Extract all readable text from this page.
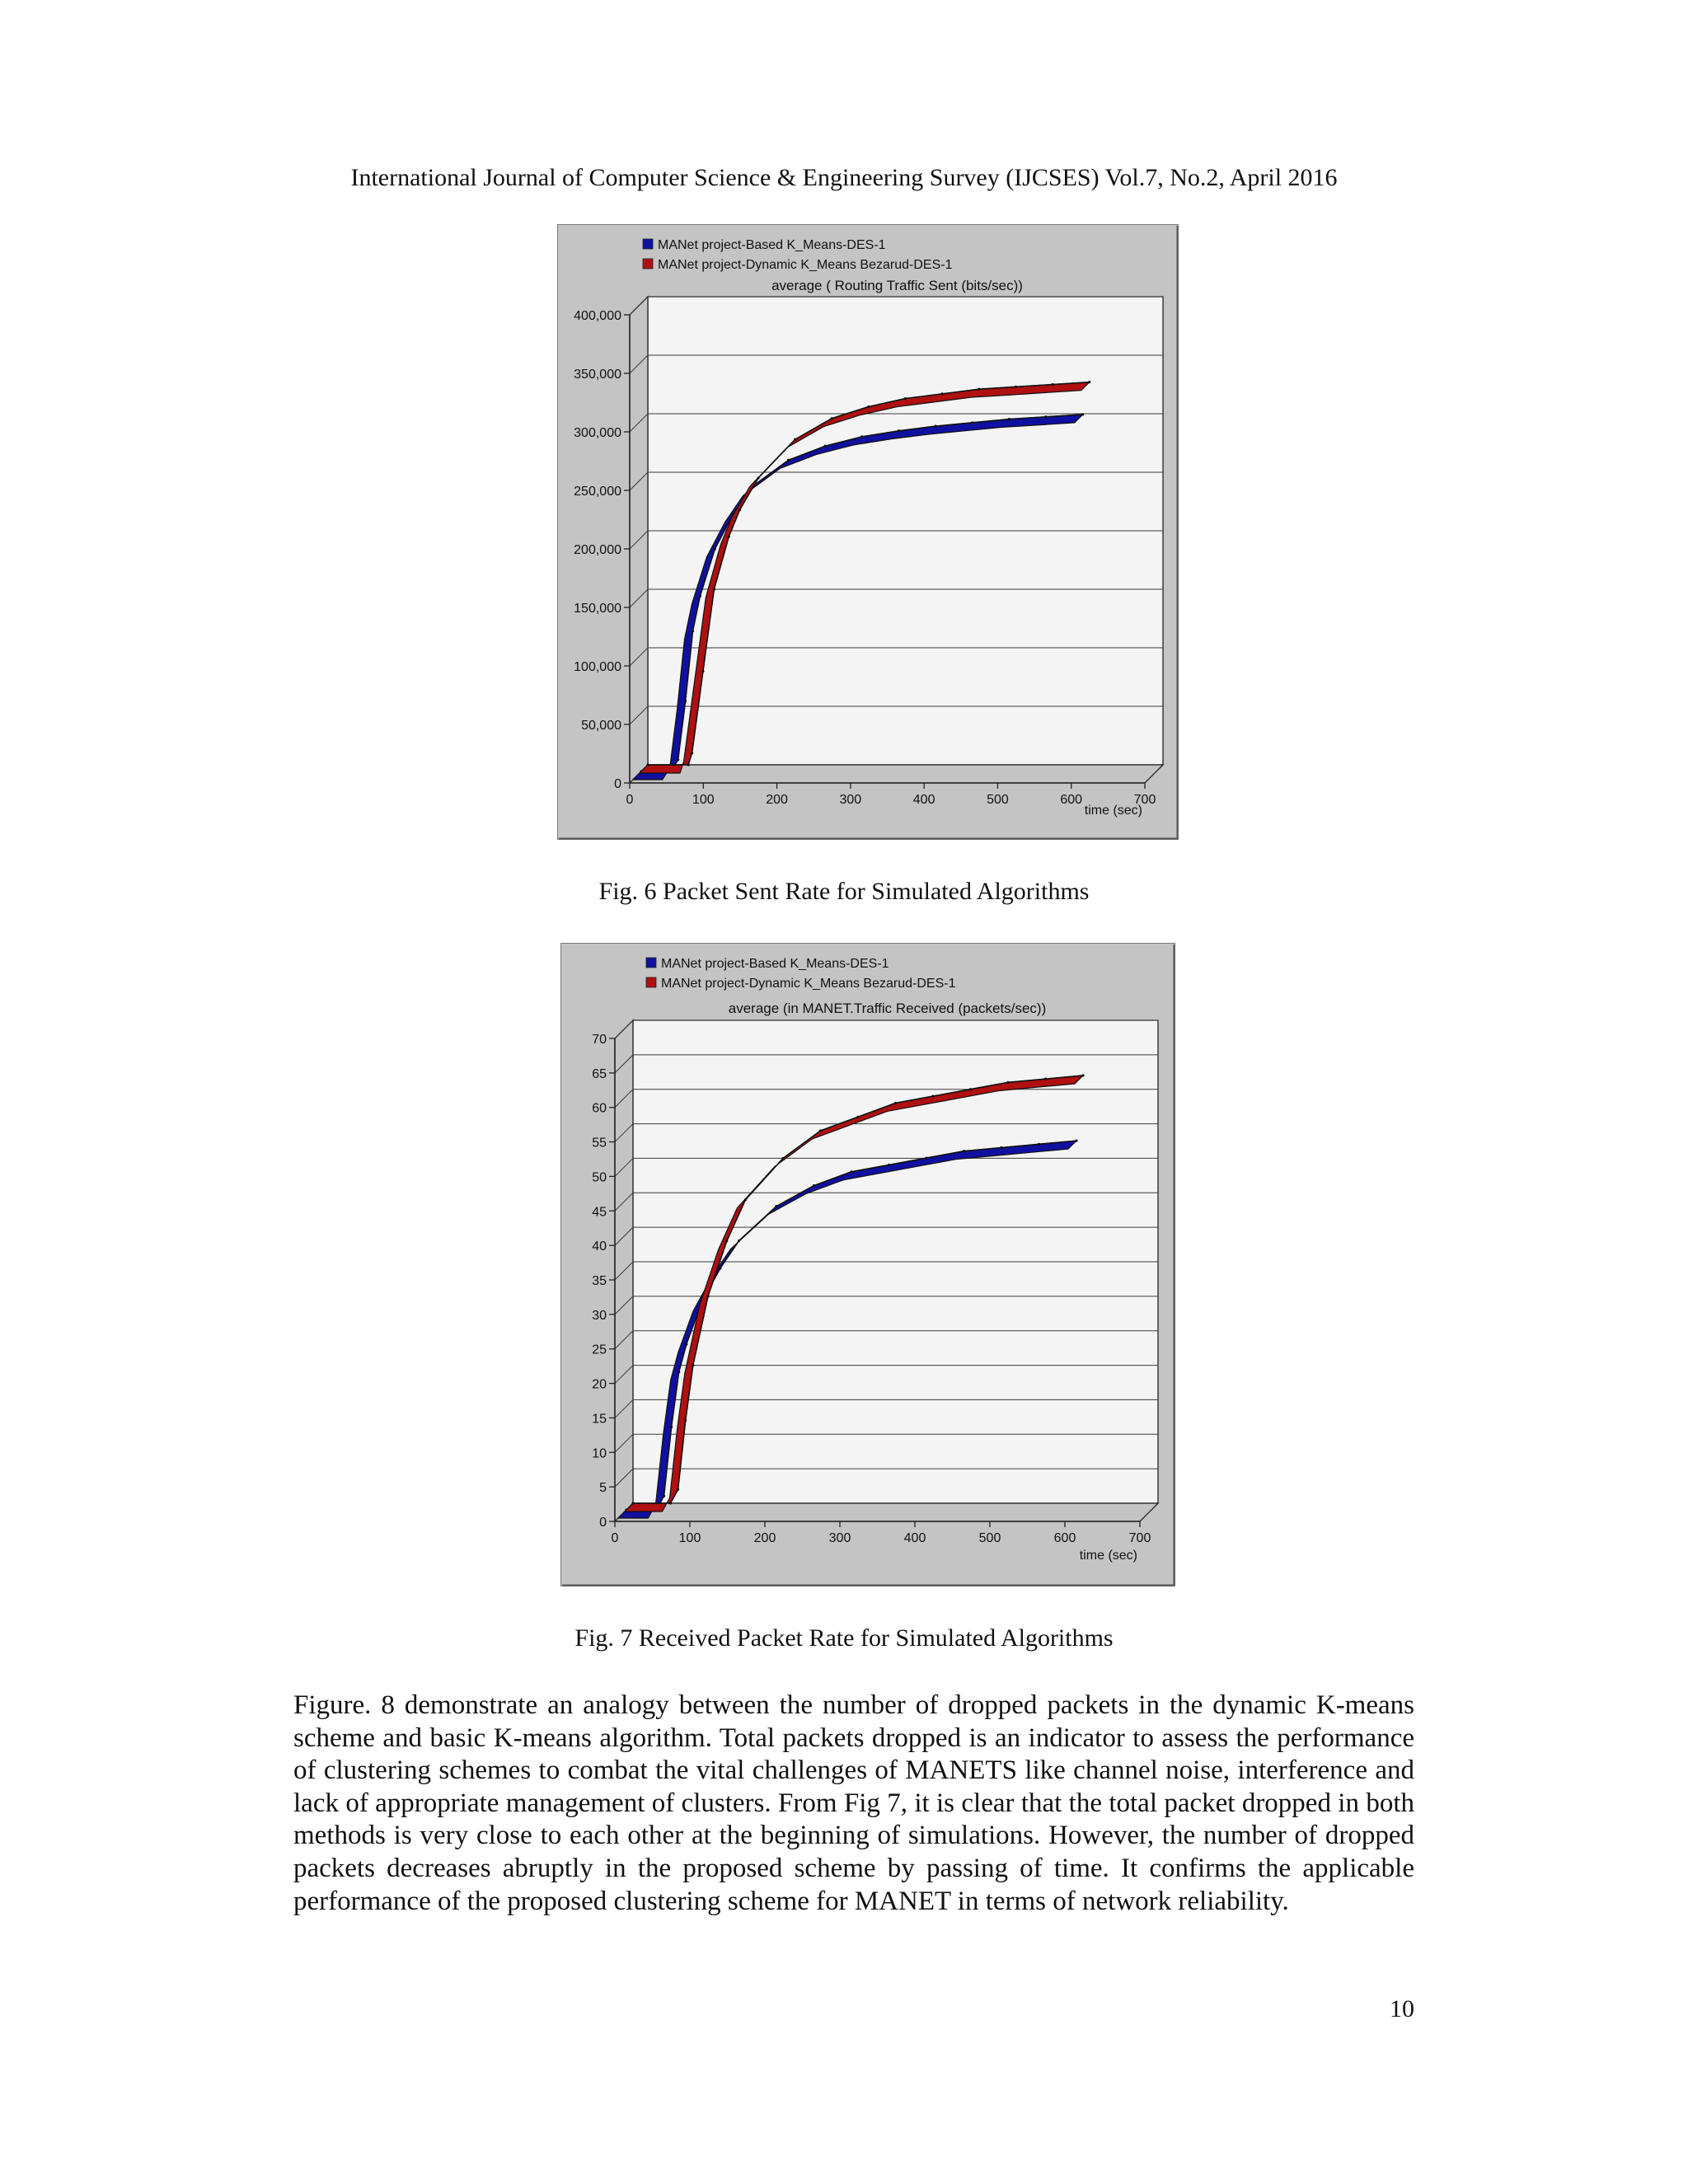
International Journal of Computer Science & Engineering Survey (IJCSES) Vol.7, No.2, April 2016
0
50,000
100,000
150,000
200,000
250,000
300,000
350,000
400,000
0	100	200	300	400	500	600	700
time (sec)
average ( Routing Traffic Sent (bits/sec))
MANet project-Based K_Means-DES-1
MANet project-Dynamic K_Means Bezarud-DES-1
Fig. 6 Packet Sent Rate for Simulated Algorithms
0
5
10
15
20
25
30
35
40
45
50
55
60
65
70
0	100	200	300	400	500	600	700
time (sec)
average (in MANET.Traffic Received (packets/sec))
MANet project-Based K_Means-DES-1
MANet project-Dynamic K_Means Bezarud-DES-1
Fig. 7 Received Packet Rate for Simulated Algorithms

Figure. 8 demonstrate an analogy between the number of dropped packets in the dynamic K-means scheme and basic K-means algorithm. Total packets dropped is an indicator to assess the performance of clustering schemes to combat the vital challenges of MANETS like channel noise, interference and lack of appropriate management of clusters. From Fig 7, it is clear that the total packet dropped in both methods is very close to each other at the beginning of simulations. However, the number of dropped packets decreases abruptly in the proposed scheme by passing of time. It confirms the applicable performance of the proposed clustering scheme for MANET in terms of network reliability.

10
